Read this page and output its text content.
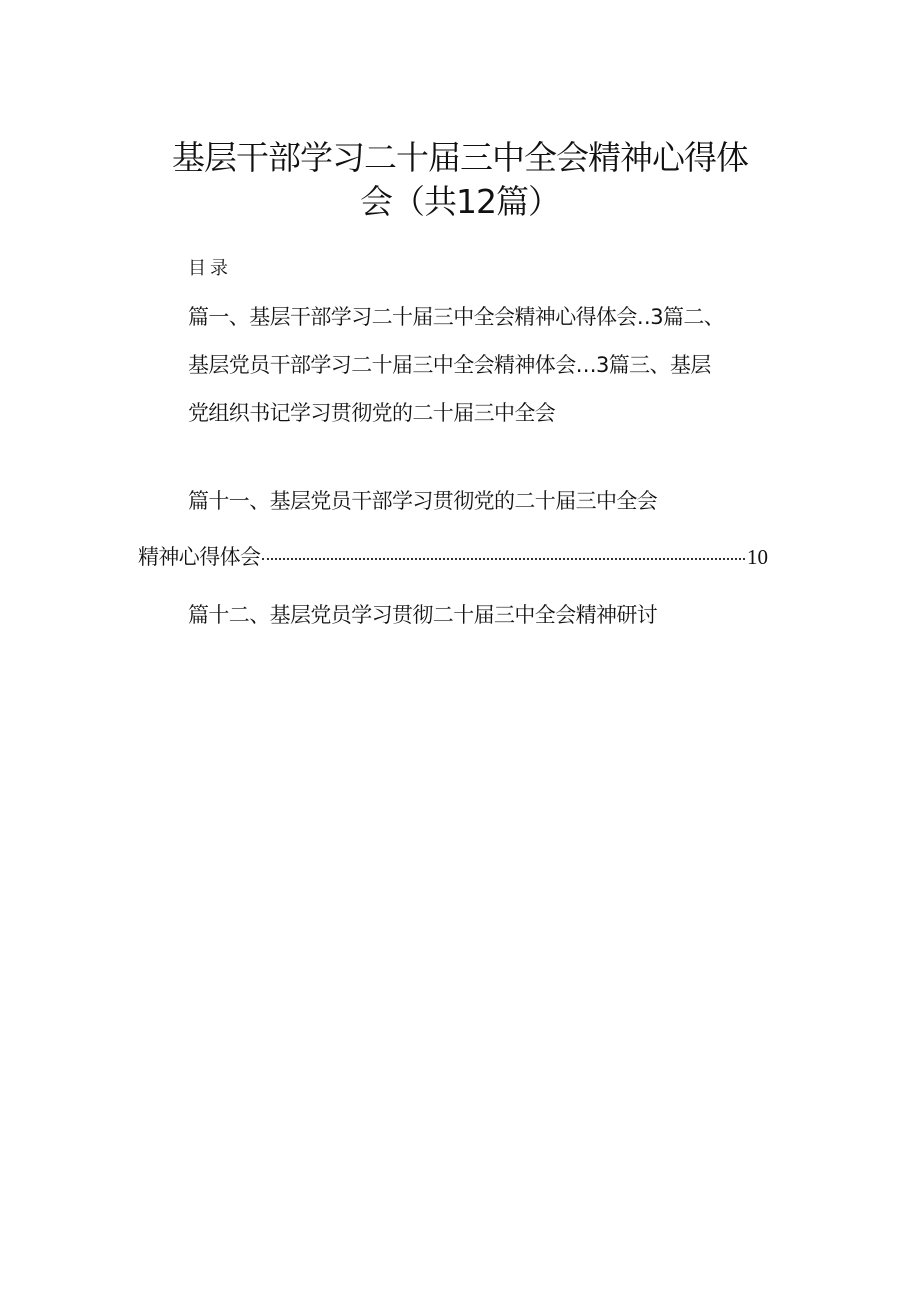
基层干部学习二十届三中全会精神心得体
会（共12篇）
目录
篇一、基层干部学习二十届三中全会精神心得体会‥3篇二、
基层党员干部学习二十届三中全会精神体会…3篇三、基层
党组织书记学习贯彻党的二十届三中全会
篇十一、基层党员干部学习贯彻党的二十届三中全会
精神心得体会	10
篇十二、基层党员学习贯彻二十届三中全会精神研讨
